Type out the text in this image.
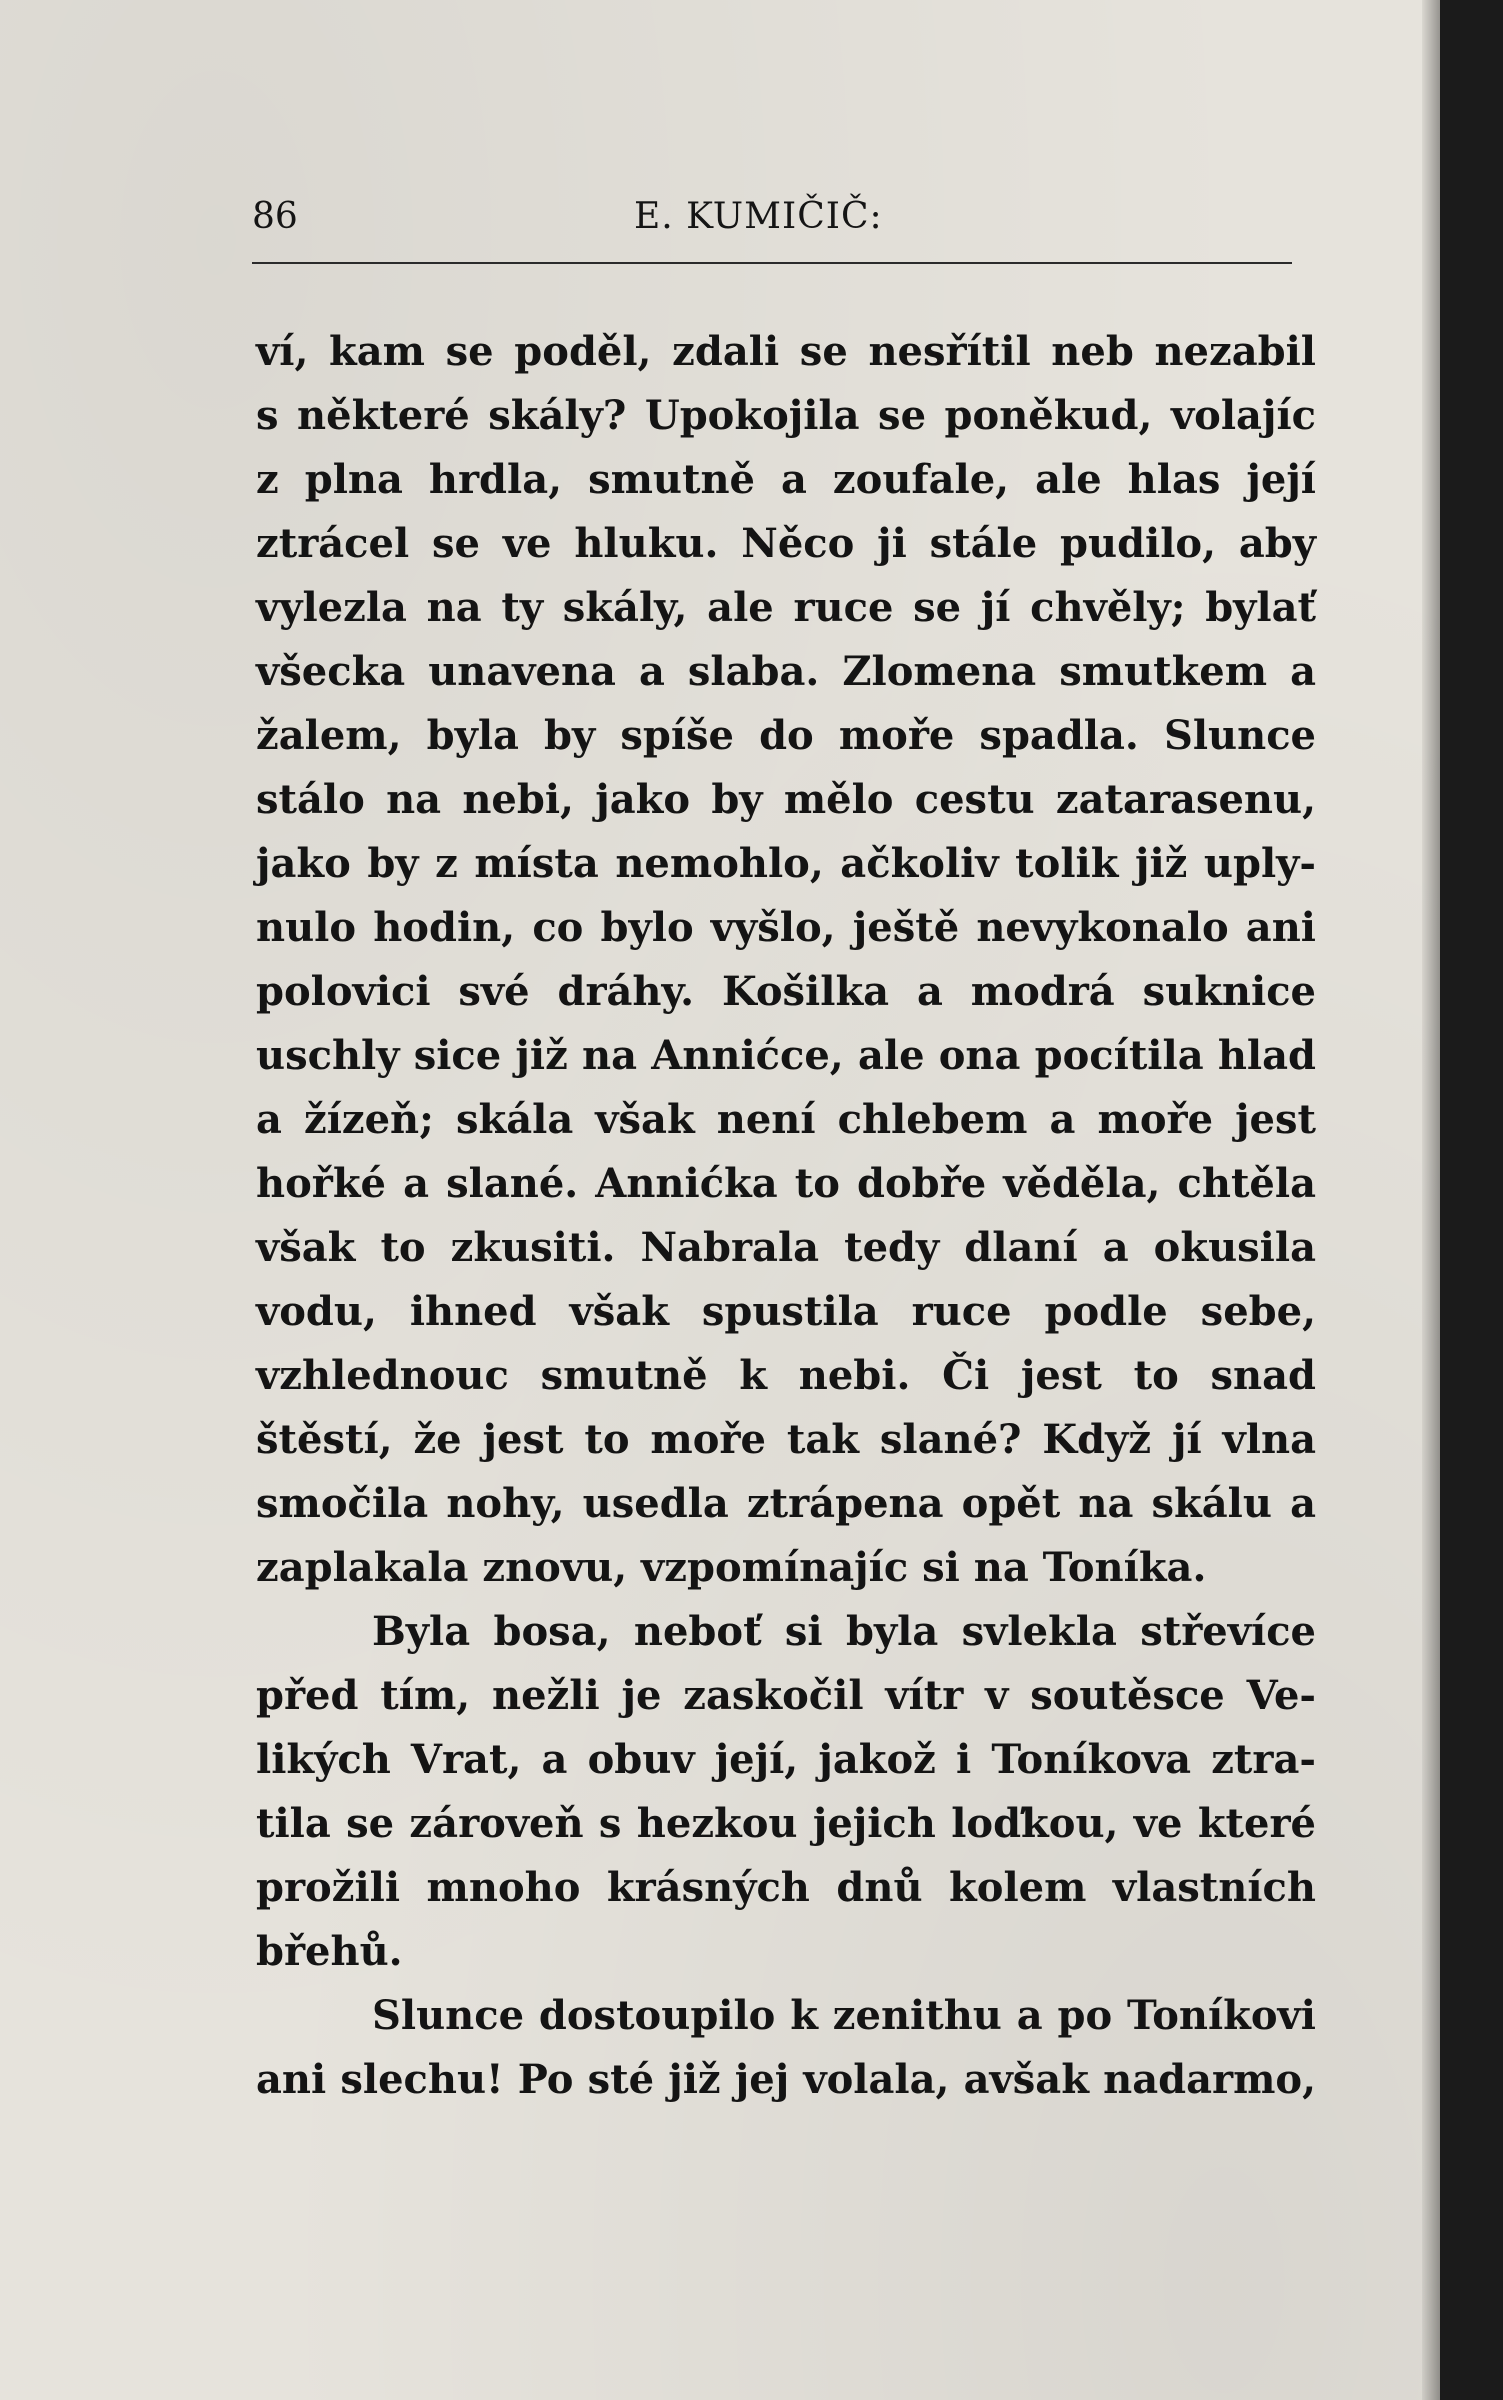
86	E. KUMIČIČ:
ví, kam se poděl, zdali se nesřítil neb nezabil
s některé skály? Upokojila se poněkud, volajíc
z plna hrdla, smutně a zoufale, ale hlas její
ztrácel se ve hluku. Něco ji stále pudilo, aby
vylezla na ty skály, ale ruce se jí chvěly; bylať
všecka unavena a slaba. Zlomena smutkem a
žalem, byla by spíše do moře spadla. Slunce
stálo na nebi, jako by mělo cestu zatarasenu,
jako by z místa nemohlo, ačkoliv tolik již uply-
nulo hodin, co bylo vyšlo, ještě nevykonalo ani
polovici své dráhy. Košilka a modrá suknice
uschly sice již na Annićce, ale ona pocítila hlad
a žízeň; skála však není chlebem a moře jest
hořké a slané. Annićka to dobře věděla, chtěla
však to zkusiti. Nabrala tedy dlaní a okusila
vodu, ihned však spustila ruce podle sebe,
vzhlednouc smutně k nebi. Či jest to snad
štěstí, že jest to moře tak slané? Když jí vlna
smočila nohy, usedla ztrápena opět na skálu a
zaplakala znovu, vzpomínajíc si na Toníka.
Byla bosa, neboť si byla svlekla střevíce
před tím, nežli je zaskočil vítr v soutěsce Ve-
likých Vrat, a obuv její, jakož i Toníkova ztra-
tila se zároveň s hezkou jejich loďkou, ve které
prožili mnoho krásných dnů kolem vlastních
břehů.
Slunce dostoupilo k zenithu a po Toníkovi
ani slechu! Po sté již jej volala, avšak nadarmo,
